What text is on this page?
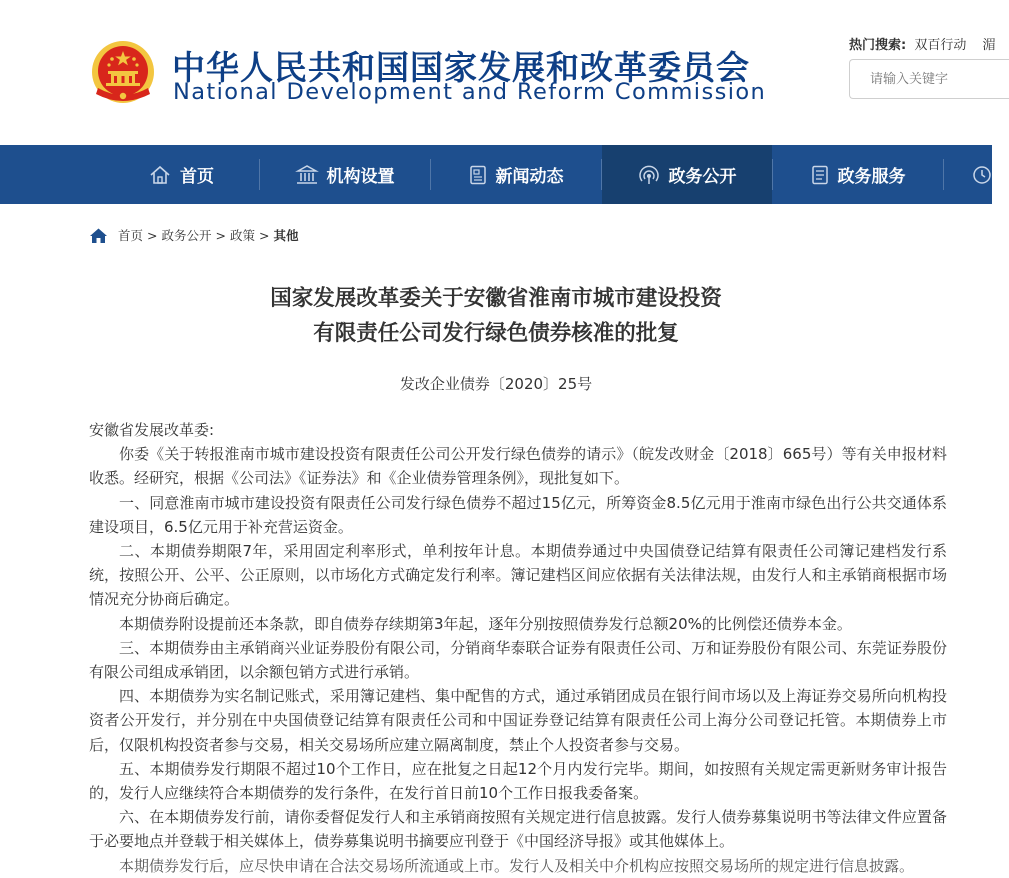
中华人民共和国国家发展和改革委员会
National Development and Reform Commission
热门搜索: 双百行动 湄
请输入关键字
首页	机构设置	新闻动态	政务公开	政务服务
首页 > 政务公开 > 政策 > 其他
国家发展改革委关于安徽省淮南市城市建设投资
有限责任公司发行绿色债券核准的批复
发改企业债券〔2020〕25号

安徽省发展改革委:

你委《关于转报淮南市城市建设投资有限责任公司公开发行绿色债券的请示》（皖发改财金〔2018〕665号）等有关申报材料收悉。经研究，根据《公司法》《证券法》和《企业债券管理条例》，现批复如下。

一、同意淮南市城市建设投资有限责任公司发行绿色债券不超过15亿元，所筹资金8.5亿元用于淮南市绿色出行公共交通体系建设项目，6.5亿元用于补充营运资金。

二、本期债券期限7年，采用固定利率形式，单利按年计息。本期债券通过中央国债登记结算有限责任公司簿记建档发行系统，按照公开、公平、公正原则，以市场化方式确定发行利率。簿记建档区间应依据有关法律法规，由发行人和主承销商根据市场情况充分协商后确定。

本期债券附设提前还本条款，即自债券存续期第3年起，逐年分别按照债券发行总额20%的比例偿还债券本金。

三、本期债券由主承销商兴业证券股份有限公司，分销商华泰联合证券有限责任公司、万和证券股份有限公司、东莞证券股份有限公司组成承销团，以余额包销方式进行承销。

四、本期债券为实名制记账式，采用簿记建档、集中配售的方式，通过承销团成员在银行间市场以及上海证券交易所向机构投资者公开发行，并分别在中央国债登记结算有限责任公司和中国证券登记结算有限责任公司上海分公司登记托管。本期债券上市后，仅限机构投资者参与交易，相关交易场所应建立隔离制度，禁止个人投资者参与交易。

五、本期债券发行期限不超过10个工作日，应在批复之日起12个月内发行完毕。期间，如按照有关规定需更新财务审计报告的，发行人应继续符合本期债券的发行条件，在发行首日前10个工作日报我委备案。

六、在本期债券发行前，请你委督促发行人和主承销商按照有关规定进行信息披露。发行人债券募集说明书等法律文件应置备于必要地点并登载于相关媒体上，债券募集说明书摘要应刊登于《中国经济导报》或其他媒体上。

本期债券发行后，应尽快申请在合法交易场所流通或上市。发行人及相关中介机构应按照交易场所的规定进行信息披露。
